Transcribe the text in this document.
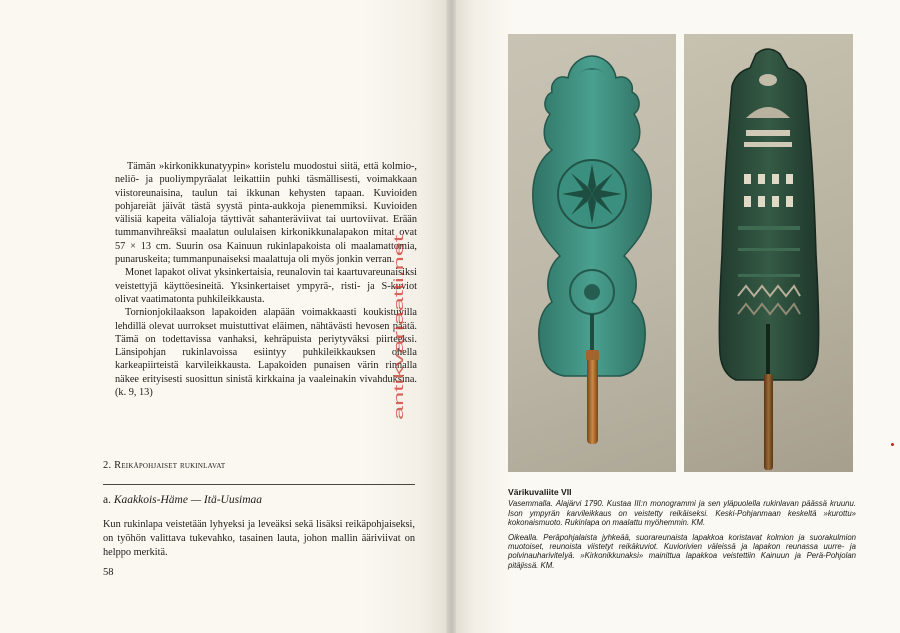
Tämän »kirkonikkunatyypin» koristelu muodostui siitä, että kolmio-, neliö- ja puoliympyräalat leikattiin puhki täsmällisesti, voimakkaan viistoreunaisina, taulun tai ikkunan kehysten tapaan. Kuvioiden pohjareiät jäivät tästä syystä pinta-aukkoja pienemmiksi. Kuvioiden välisiä kapeita välialoja täyttivät sahanteräviivat tai uurtoviivat. Erään tummanvihreäksi maalatun oululaisen kirkonikkunalapakon mitat ovat 57 × 13 cm. Suurin osa Kainuun rukinlapakoista oli maalamattomia, punaruskeita; tummanpunaiseksi maalattuja oli myös jonkin verran.

Monet lapakot olivat yksinkertaisia, reunalovin tai kaartuvareunaisiksi veistettyjä käyttöesineitä. Yksinkertaiset ympyrä-, risti- ja S-kuviot olivat vaatimatonta puhkileikkausta.

Tornionjokilaakson lapakoiden alapään voimakkaasti koukistuvilla lehdillä olevat uurrokset muistuttivat eläimen, nähtävästi hevosen päätä. Tämä on todettavissa vanhaksi, kehräpuista periytyväksi piirteeksi. Länsipohjan rukinlavoissa esiintyy puhkileikkauksen ohella karkeapiirteistä karvileikkausta. Lapakoiden punaisen värin rinnalla näkee erityisesti suosittun sinistä kirkkaina ja vaaleinakin vivahduksina. (k. 9, 13)	antikvariaatti.net
2. Reikäpohjaiset rukinlavat
a. Kaakkois-Häme — Itä-Uusimaa
Kun rukinlapa veistetään lyhyeksi ja leveäksi sekä lisäksi reikäpohjaiseksi, on työhön valittava tukevahko, tasainen lauta, johon mallin ääriviivat on helppo merkitä.
58
Värikuvaliite VII

Vasemmalla. Alajärvi 1790. Kustaa III:n monogrammi ja sen yläpuolella rukinlavan päässä kruunu. Ison ympyrän karvileikkaus on veistetty reikäiseksi. Keski-Pohjanmaan keskeltä »kurottu» kokonaismuoto. Rukinlapa on maalattu myöhemmin. KM.

Oikealla. Peräpohjalaista jyhkeää, suorareunaista lapakkoa koristavat kolmion ja suorakulmion muotoiset, reunoista viistetyt reikäkuviot. Kuviorivien väleissä ja lapakon reunassa uurre- ja polvinauhariviteIyä. »Kirkonikkunaksi» mainittua lapakkoa veistettiin Kainuun ja Perä-Pohjolan pitäjissä. KM.
